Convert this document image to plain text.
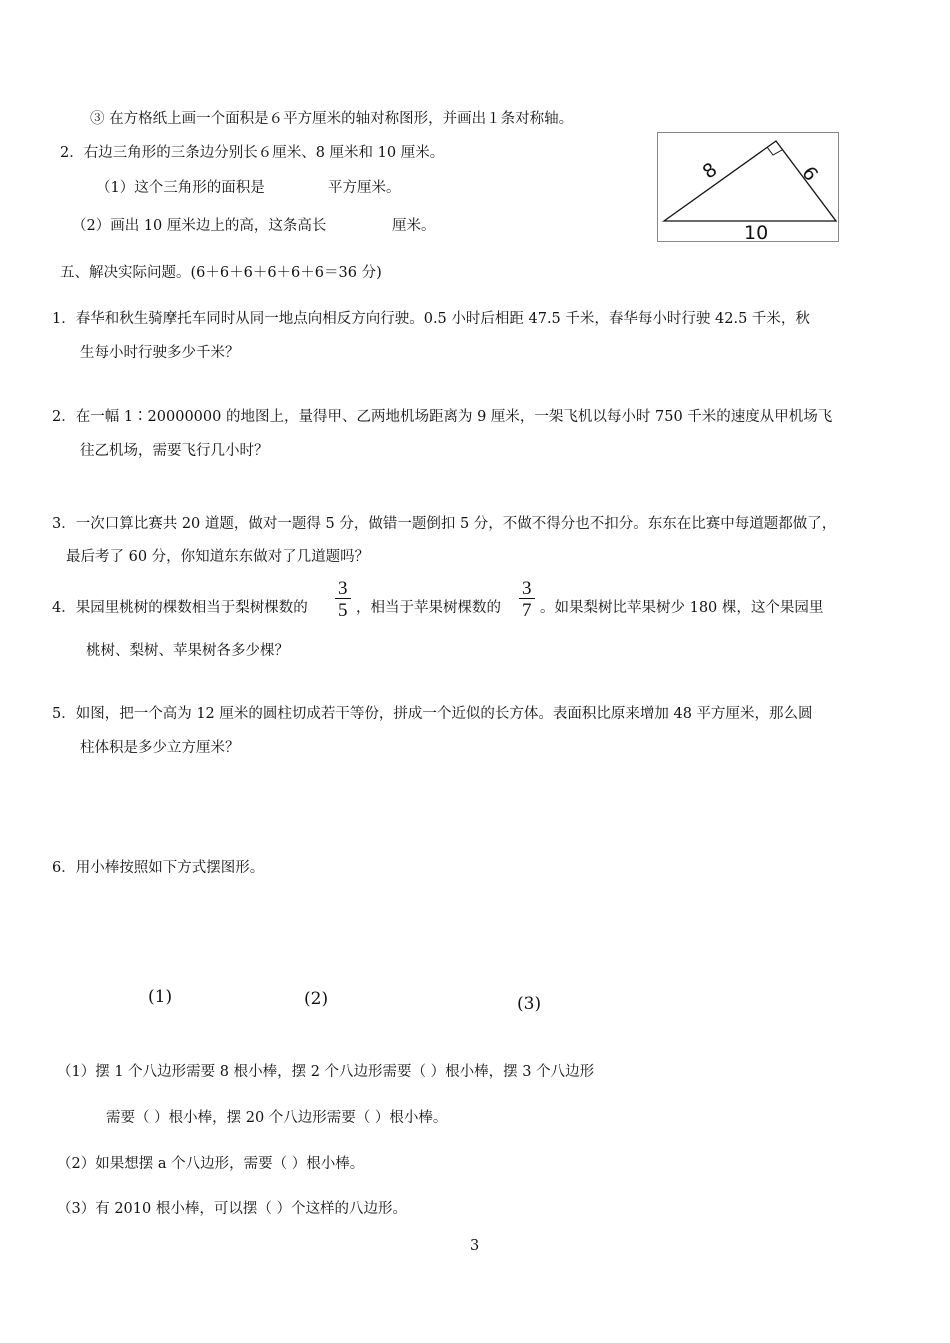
③ 在方格纸上画一个面积是６平方厘米的轴对称图形，并画出１条对称轴。
2．右边三角形的三条边分别长６厘米、8 厘米和 10 厘米。
（1）这个三角形的面积是	平方厘米。
（2）画出 10 厘米边上的高，这条高长	厘米。
8	6
10
五、解决实际问题。(6＋6＋6＋6＋6＋6＝36 分)
1．春华和秋生骑摩托车同时从同一地点向相反方向行驶。0.5 小时后相距 47.5 千米，春华每小时行驶 42.5 千米，秋
生每小时行驶多少千米？
2．在一幅 1∶20000000 的地图上，量得甲、乙两地机场距离为 9 厘米，一架飞机以每小时 750 千米的速度从甲机场飞
往乙机场，需要飞行几小时？
3．一次口算比赛共 20 道题，做对一题得 5 分，做错一题倒扣 5 分，不做不得分也不扣分。东东在比赛中每道题都做了，
最后考了 60 分，你知道东东做对了几道题吗？
4．果园里桃树的棵数相当于梨树棵数的 $\frac{3}{5}$ ，相当于苹果树棵数的 $\frac{3}{7}$ 。如果梨树比苹果树少 180 棵，这个果园里
桃树、梨树、苹果树各多少棵？
5．如图，把一个高为 12 厘米的圆柱切成若干等份，拼成一个近似的长方体。表面积比原来增加 48 平方厘米，那么圆
柱体积是多少立方厘米？
6．用小棒按照如下方式摆图形。
(1)	(2)	(3)
（1）摆 1 个八边形需要 8 根小棒，摆 2 个八边形需要（ ）根小棒，摆 3 个八边形
需要（ ）根小棒，摆 20 个八边形需要（ ）根小棒。
（2）如果想摆 a 个八边形，需要（ ）根小棒。
（3）有 2010 根小棒，可以摆（ ）个这样的八边形。
3
